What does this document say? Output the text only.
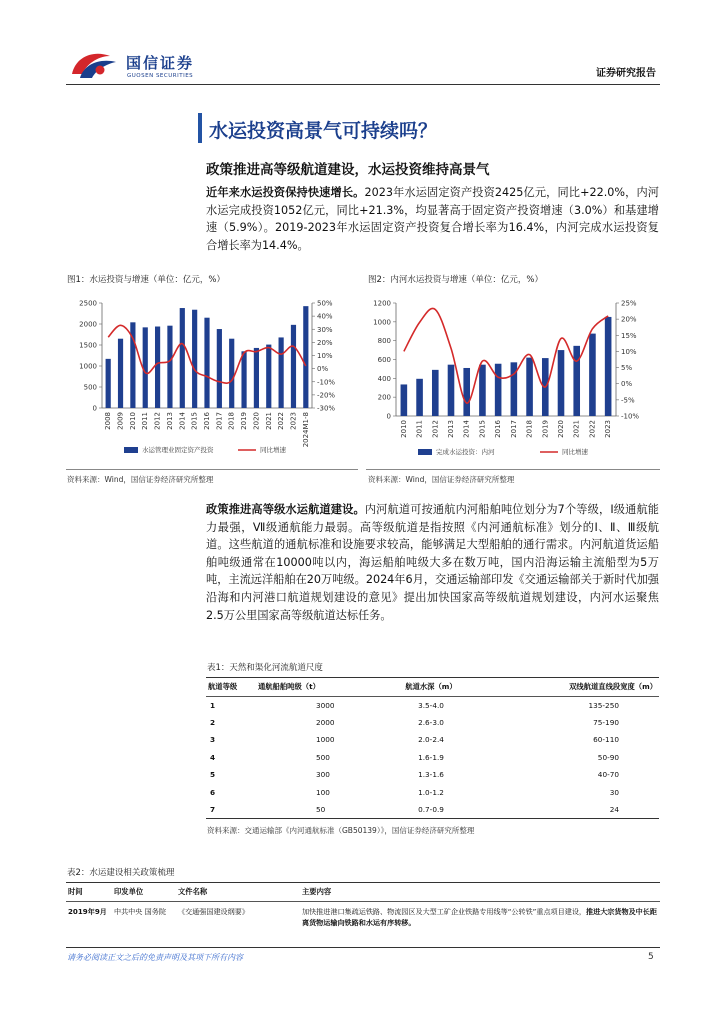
国信证券
GUOSEN SECURITIES	证券研究报告
水运投资高景气可持续吗？
政策推进高等级航道建设，水运投资维持高景气
近年来水运投资保持快速增长。2023年水运固定资产投资2425亿元，同比+22.0%，内河水运完成投资1052亿元，同比+21.3%，均显著高于固定资产投资增速（3.0%）和基建增速（5.9%）。2019-2023年水运固定资产投资复合增长率为16.4%，内河完成水运投资复合增长率为14.4%。
图1：水运投资与增速（单位：亿元，%）
0
500
1000
1500
2000
2500
-30%
-20%
-10%
0%
10%
20%
30%
40%
50%
2008 2009 2010 2011 2012 2013 2014 2015 2016 2017 2018 2019 2020 2021 2022 2023 2024M1-8
水运管理业固定资产投资	同比增速
资料来源：Wind，国信证券经济研究所整理
图2：内河水运投资与增速（单位：亿元，%）
0
200
400
600
800
1000
1200
-10%
-5%
0%
5%
10%
15%
20%
25%
2010 2011 2012 2013 2014 2015 2016 2017 2018 2019 2020 2021 2022 2023
完成水运投资：内河	同比增速
资料来源：Wind，国信证券经济研究所整理
政策推进高等级水运航道建设。内河航道可按通航内河船舶吨位划分为7个等级，Ⅰ级通航能力最强，Ⅶ级通航能力最弱。高等级航道是指按照《内河通航标准》划分的Ⅰ、Ⅱ、Ⅲ级航道。这些航道的通航标准和设施要求较高，能够满足大型船舶的通行需求。内河航道货运船舶吨级通常在10000吨以内，海运船舶吨级大多在数万吨，国内沿海运输主流船型为5万吨，主流远洋船舶在20万吨级。2024年6月，交通运输部印发《交通运输部关于新时代加强沿海和内河港口航道规划建设的意见》提出加快国家高等级航道规划建设，内河水运聚焦2.5万公里国家高等级航道达标任务。
表1：天然和渠化河流航道尺度
航道等级	通航船舶吨级（t）	航道水深（m）	双线航道直线段宽度（m）
1	3000	3.5-4.0	135-250
2	2000	2.6-3.0	75-190
3	1000	2.0-2.4	60-110
4	500	1.6-1.9	50-90
5	300	1.3-1.6	40-70
6	100	1.0-1.2	30
7	50	0.7-0.9	24
资料来源：交通运输部《内河通航标准（GB50139）》，国信证券经济研究所整理
表2：水运建设相关政策梳理
时间	印发单位	文件名称	主要内容
2019年9月	中共中央 国务院	《交通强国建设纲要》	加快推进港口集疏运铁路、物流园区及大型工矿企业铁路专用线等“公转铁”重点项目建设，推进大宗货物及中长距离货物运输向铁路和水运有序转移。
请务必阅读正文之后的免责声明及其项下所有内容	5
